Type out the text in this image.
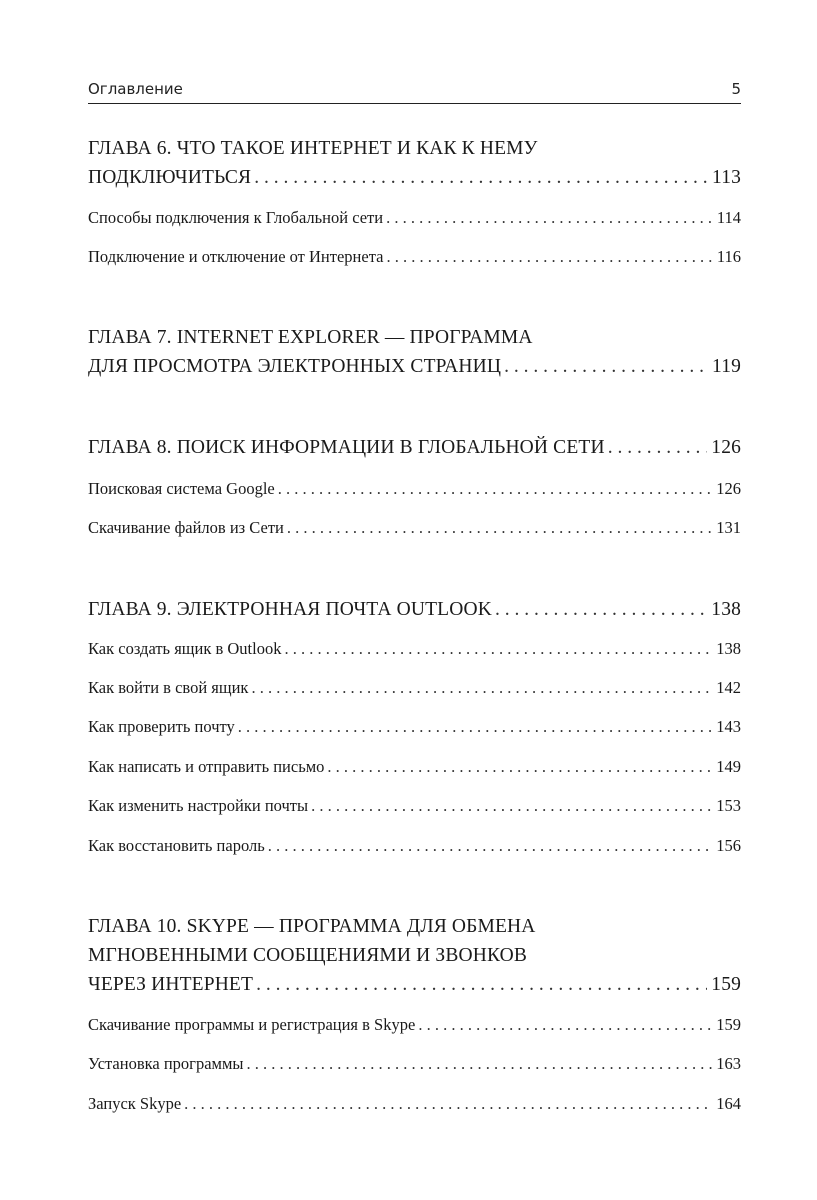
Оглавление	5
ГЛАВА 6. ЧТО ТАКОЕ ИНТЕРНЕТ И КАК К НЕМУ
ПОДКЛЮЧИТЬСЯ . . .	113
Способы подключения к Глобальной сети . . .	114
Подключение и отключение от Интернета . . .	116
ГЛАВА 7. INTERNET EXPLORER — ПРОГРАММА
ДЛЯ ПРОСМОТРА ЭЛЕКТРОННЫХ СТРАНИЦ . . .	119
ГЛАВА 8. ПОИСК ИНФОРМАЦИИ В ГЛОБАЛЬНОЙ СЕТИ . . .	126
Поисковая система Google . . .	126
Скачивание файлов из Сети . . .	131
ГЛАВА 9. ЭЛЕКТРОННАЯ ПОЧТА OUTLOOK . . .	138
Как создать ящик в Outlook . . .	138
Как войти в свой ящик . . .	142
Как проверить почту . . .	143
Как написать и отправить письмо . . .	149
Как изменить настройки почты . . .	153
Как восстановить пароль . . .	156
ГЛАВА 10. SKYPE — ПРОГРАММА ДЛЯ ОБМЕНА
МГНОВЕННЫМИ СООБЩЕНИЯМИ И ЗВОНКОВ
ЧЕРЕЗ ИНТЕРНЕТ . . .	159
Скачивание программы и регистрация в Skype . . .	159
Установка программы . . .	163
Запуск Skype . . .	164
